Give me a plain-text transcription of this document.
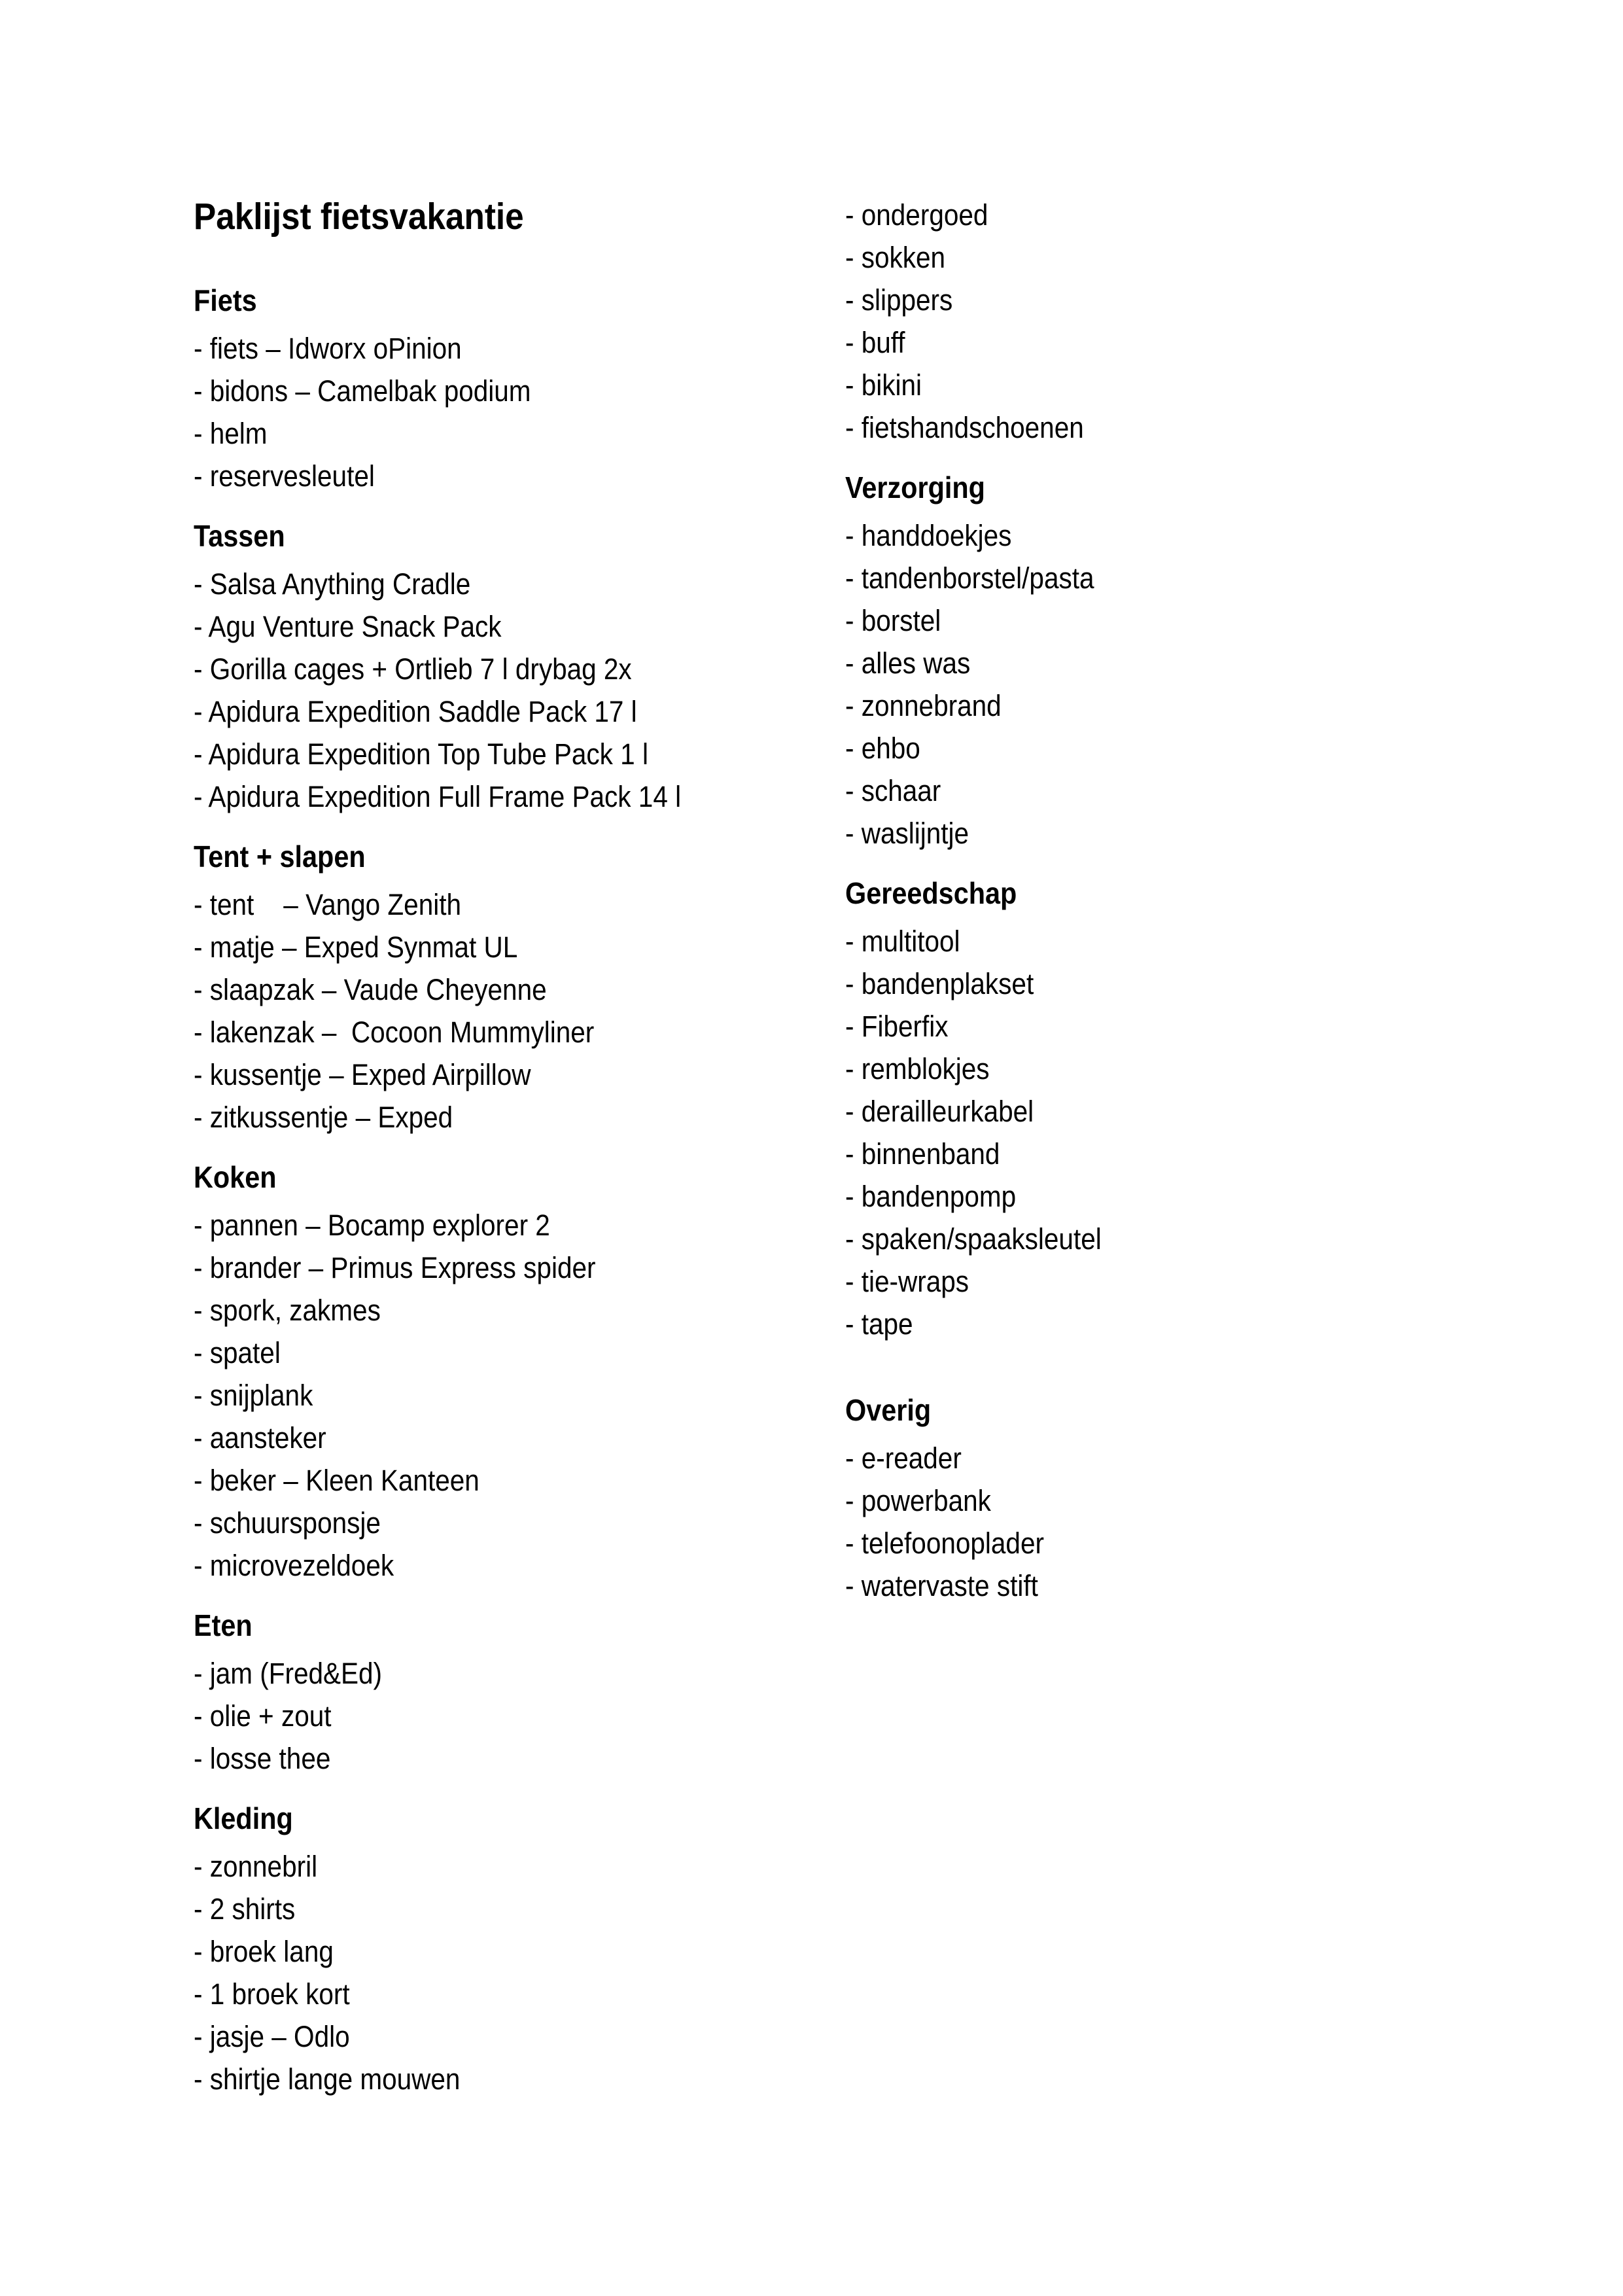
Paklijst fietsvakantie
Fiets

- fiets – Idworx oPinion

- bidons – Camelbak podium

- helm

- reservesleutel

Tassen

- Salsa Anything Cradle

- Agu Venture Snack Pack

- Gorilla cages + Ortlieb 7 l drybag 2x

- Apidura Expedition Saddle Pack 17 l

- Apidura Expedition Top Tube Pack 1 l

- Apidura Expedition Full Frame Pack 14 l

Tent + slapen

- tent    – Vango Zenith

- matje – Exped Synmat UL

- slaapzak – Vaude Cheyenne

- lakenzak –  Cocoon Mummyliner

- kussentje – Exped Airpillow

- zitkussentje – Exped

Koken

- pannen – Bocamp explorer 2

- brander – Primus Express spider

- spork, zakmes

- spatel

- snijplank

- aansteker

- beker – Kleen Kanteen

- schuursponsje

- microvezeldoek

Eten

- jam (Fred&Ed)

- olie + zout

- losse thee

Kleding

- zonnebril

- 2 shirts

- broek lang

- 1 broek kort

- jasje – Odlo

- shirtje lange mouwen

- ondergoed

- sokken

- slippers

- buff

- bikini

- fietshandschoenen

Verzorging

- handdoekjes

- tandenborstel/pasta

- borstel

- alles was

- zonnebrand

- ehbo

- schaar

- waslijntje

Gereedschap

- multitool

- bandenplakset

- Fiberfix

- remblokjes

- derailleurkabel

- binnenband

- bandenpomp

- spaken/spaaksleutel

- tie-wraps

- tape

Overig

- e-reader

- powerbank

- telefoonoplader

- watervaste stift
